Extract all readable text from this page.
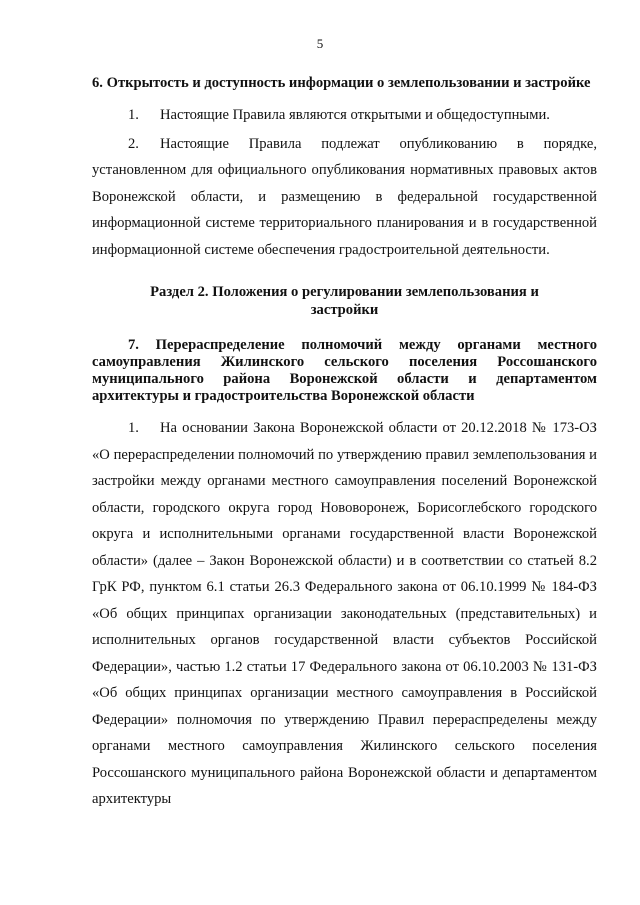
5
6. Открытость и доступность информации о землепользовании и застройке

1. Настоящие Правила являются открытыми и общедоступными.

2. Настоящие Правила подлежат опубликованию в порядке, установленном для официального опубликования нормативных правовых актов Воронежской области, и размещению в федеральной государственной информационной системе территориального планирования и в государственной информационной системе обеспечения градостроительной деятельности.

Раздел 2. Положения о регулировании землепользования и застройки
7. Перераспределение полномочий между органами местного самоуправления Жилинского сельского поселения Россошанского муниципального района Воронежской области и департаментом архитектуры и градостроительства Воронежской области

1. На основании Закона Воронежской области от 20.12.2018 № 173-ОЗ «О перераспределении полномочий по утверждению правил землепользования и застройки между органами местного самоуправления поселений Воронежской области, городского округа город Нововоронеж, Борисоглебского городского округа и исполнительными органами государственной власти Воронежской области» (далее – Закон Воронежской области) и в соответствии со статьей 8.2 ГрК РФ, пунктом 6.1 статьи 26.3 Федерального закона от 06.10.1999 № 184-ФЗ «Об общих принципах организации законодательных (представительных) и исполнительных органов государственной власти субъектов Российской Федерации», частью 1.2 статьи 17 Федерального закона от 06.10.2003 № 131-ФЗ «Об общих принципах организации местного самоуправления в Российской Федерации» полномочия по утверждению Правил перераспределены между органами местного самоуправления Жилинского сельского поселения Россошанского муниципального района Воронежской области и департаментом архитектуры
